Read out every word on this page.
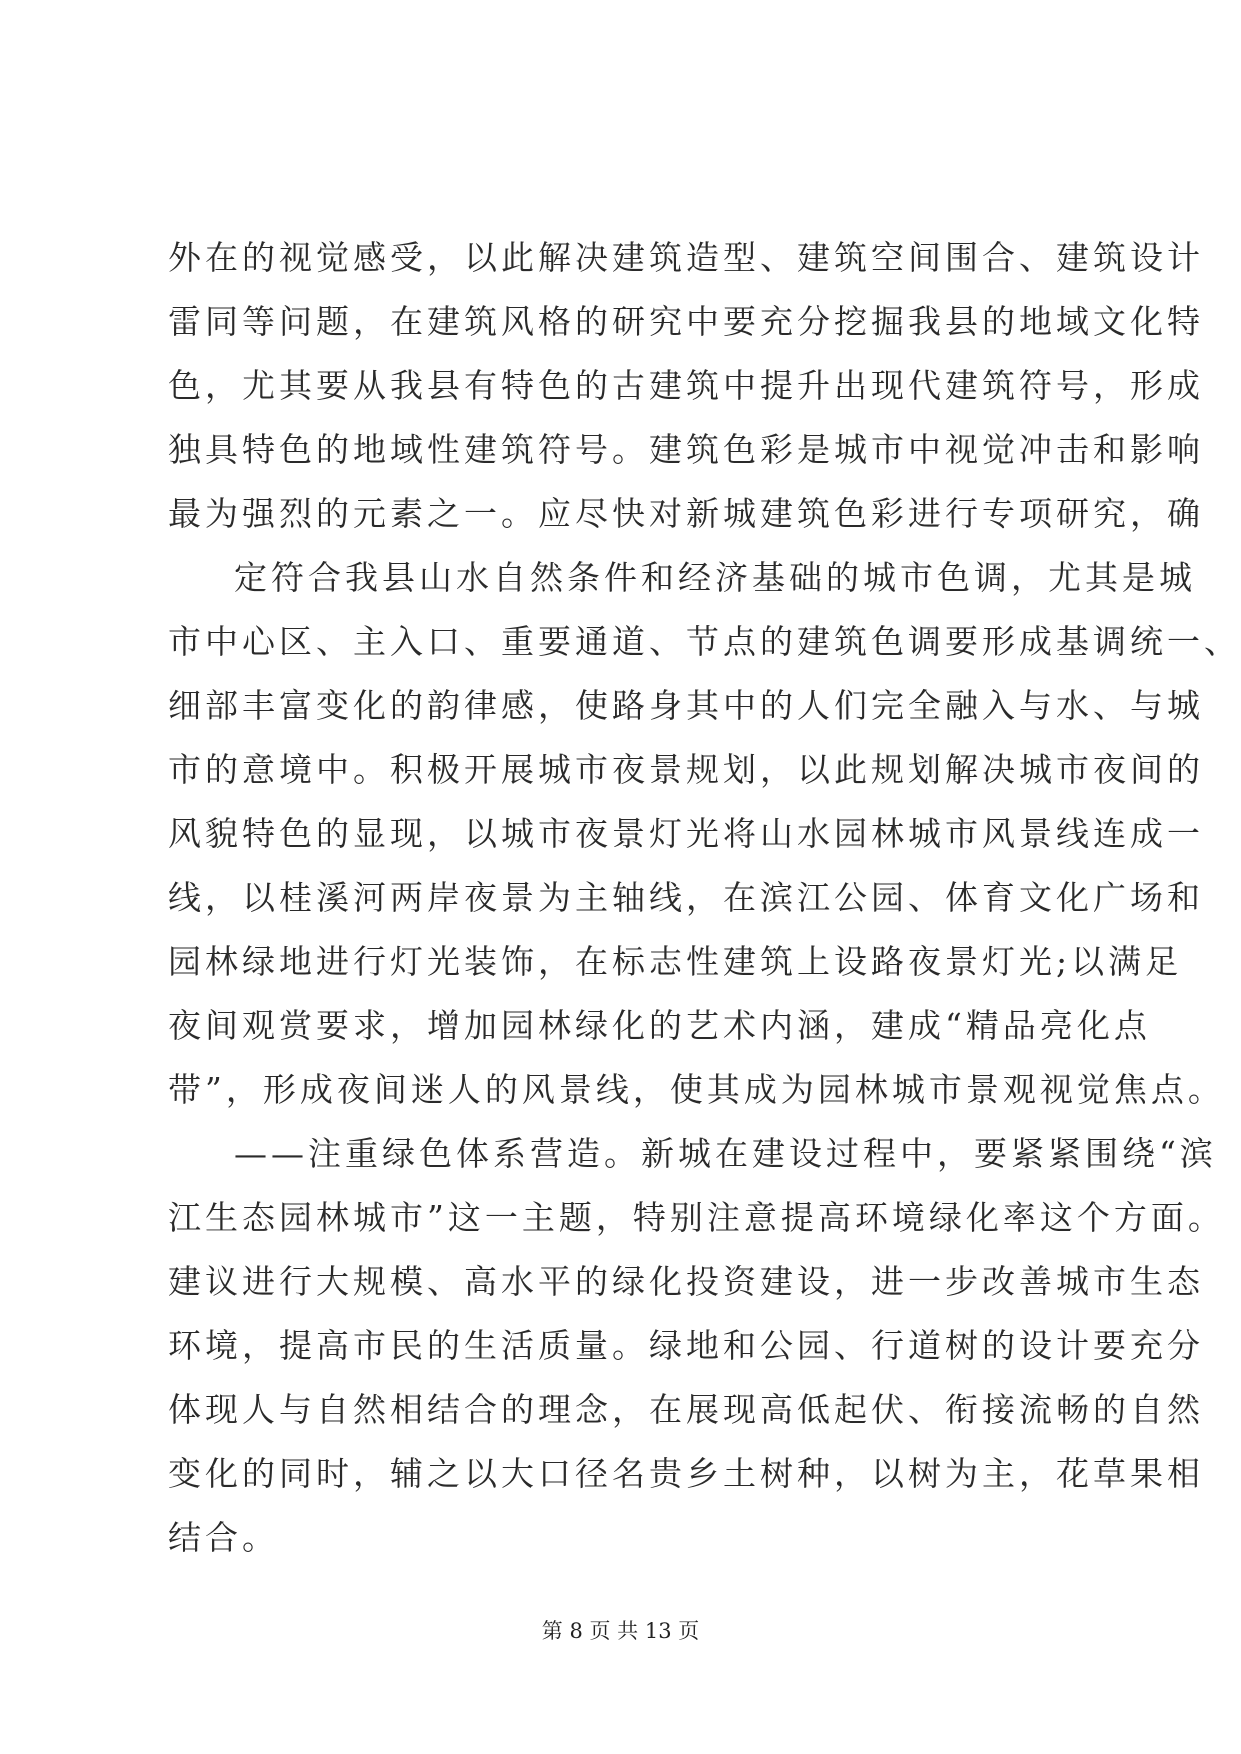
外在的视觉感受，以此解决建筑造型、建筑空间围合、建筑设计
雷同等问题，在建筑风格的研究中要充分挖掘我县的地域文化特
色，尤其要从我县有特色的古建筑中提升出现代建筑符号，形成
独具特色的地域性建筑符号。建筑色彩是城市中视觉冲击和影响
最为强烈的元素之一。应尽快对新城建筑色彩进行专项研究，确
定符合我县山水自然条件和经济基础的城市色调，尤其是城
市中心区、主入口、重要通道、节点的建筑色调要形成基调统一、
细部丰富变化的韵律感，使路身其中的人们完全融入与水、与城
市的意境中。积极开展城市夜景规划，以此规划解决城市夜间的
风貌特色的显现，以城市夜景灯光将山水园林城市风景线连成一
线，以桂溪河两岸夜景为主轴线，在滨江公园、体育文化广场和
园林绿地进行灯光装饰，在标志性建筑上设路夜景灯光;以满足
夜间观赏要求，增加园林绿化的艺术内涵，建成“精品亮化点
带”，形成夜间迷人的风景线，使其成为园林城市景观视觉焦点。
——注重绿色体系营造。新城在建设过程中，要紧紧围绕“滨
江生态园林城市”这一主题，特别注意提高环境绿化率这个方面。
建议进行大规模、高水平的绿化投资建设，进一步改善城市生态
环境，提高市民的生活质量。绿地和公园、行道树的设计要充分
体现人与自然相结合的理念，在展现高低起伏、衔接流畅的自然
变化的同时，辅之以大口径名贵乡土树种，以树为主，花草果相
结合。
第 8 页 共 13 页
